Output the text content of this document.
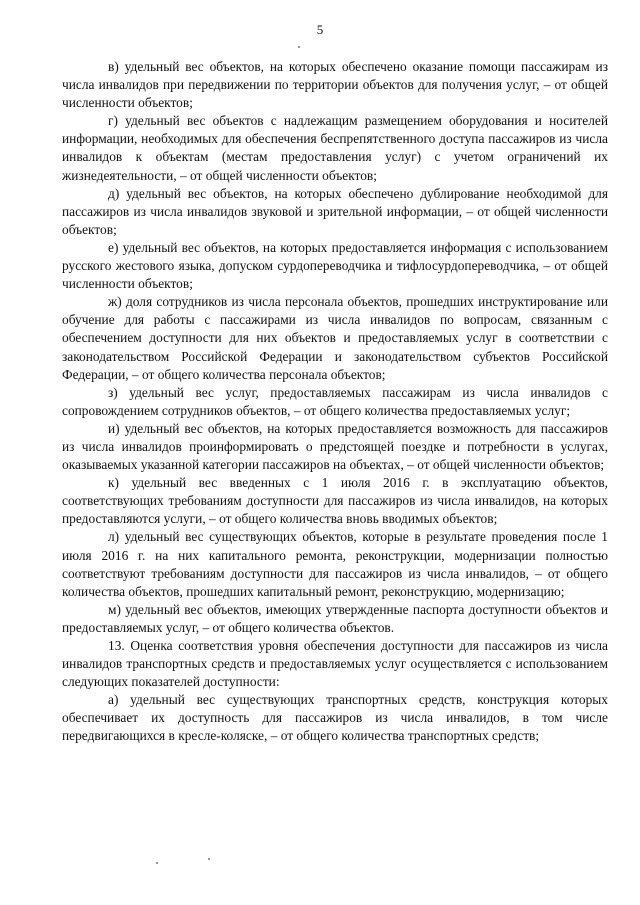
5

в) удельный вес объектов, на которых обеспечено оказание помощи пассажирам из числа инвалидов при передвижении по территории объектов для получения услуг, – от общей численности объектов;

г) удельный вес объектов с надлежащим размещением оборудования и носителей информации, необходимых для обеспечения беспрепятственного доступа пассажиров из числа инвалидов к объектам (местам предоставления услуг) с учетом ограничений их жизнедеятельности, – от общей численности объектов;

д) удельный вес объектов, на которых обеспечено дублирование необходимой для пассажиров из числа инвалидов звуковой и зрительной информации, – от общей численности объектов;

е) удельный вес объектов, на которых предоставляется информация с использованием русского жестового языка, допуском сурдопереводчика и тифлосурдопереводчика, – от общей численности объектов;

ж) доля сотрудников из числа персонала объектов, прошедших инструктирование или обучение для работы с пассажирами из числа инвалидов по вопросам, связанным с обеспечением доступности для них объектов и предоставляемых услуг в соответствии с законодательством Российской Федерации и законодательством субъектов Российской Федерации, – от общего количества персонала объектов;

з) удельный вес услуг, предоставляемых пассажирам из числа инвалидов с сопровождением сотрудников объектов, – от общего количества предоставляемых услуг;

и) удельный вес объектов, на которых предоставляется возможность для пассажиров из числа инвалидов проинформировать о предстоящей поездке и потребности в услугах, оказываемых указанной категории пассажиров на объектах, – от общей численности объектов;

к) удельный вес введенных с 1 июля 2016 г. в эксплуатацию объектов, соответствующих требованиям доступности для пассажиров из числа инвалидов, на которых предоставляются услуги, – от общего количества вновь вводимых объектов;

л) удельный вес существующих объектов, которые в результате проведения после 1 июля 2016 г. на них капитального ремонта, реконструкции, модернизации полностью соответствуют требованиям доступности для пассажиров из числа инвалидов, – от общего количества объектов, прошедших капитальный ремонт, реконструкцию, модернизацию;

м) удельный вес объектов, имеющих утвержденные паспорта доступности объектов и предоставляемых услуг, – от общего количества объектов.

13. Оценка соответствия уровня обеспечения доступности для пассажиров из числа инвалидов транспортных средств и предоставляемых услуг осуществляется с использованием следующих показателей доступности:

а) удельный вес существующих транспортных средств, конструкция которых обеспечивает их доступность для пассажиров из числа инвалидов, в том числе передвигающихся в кресле-коляске, – от общего количества транспортных средств;
